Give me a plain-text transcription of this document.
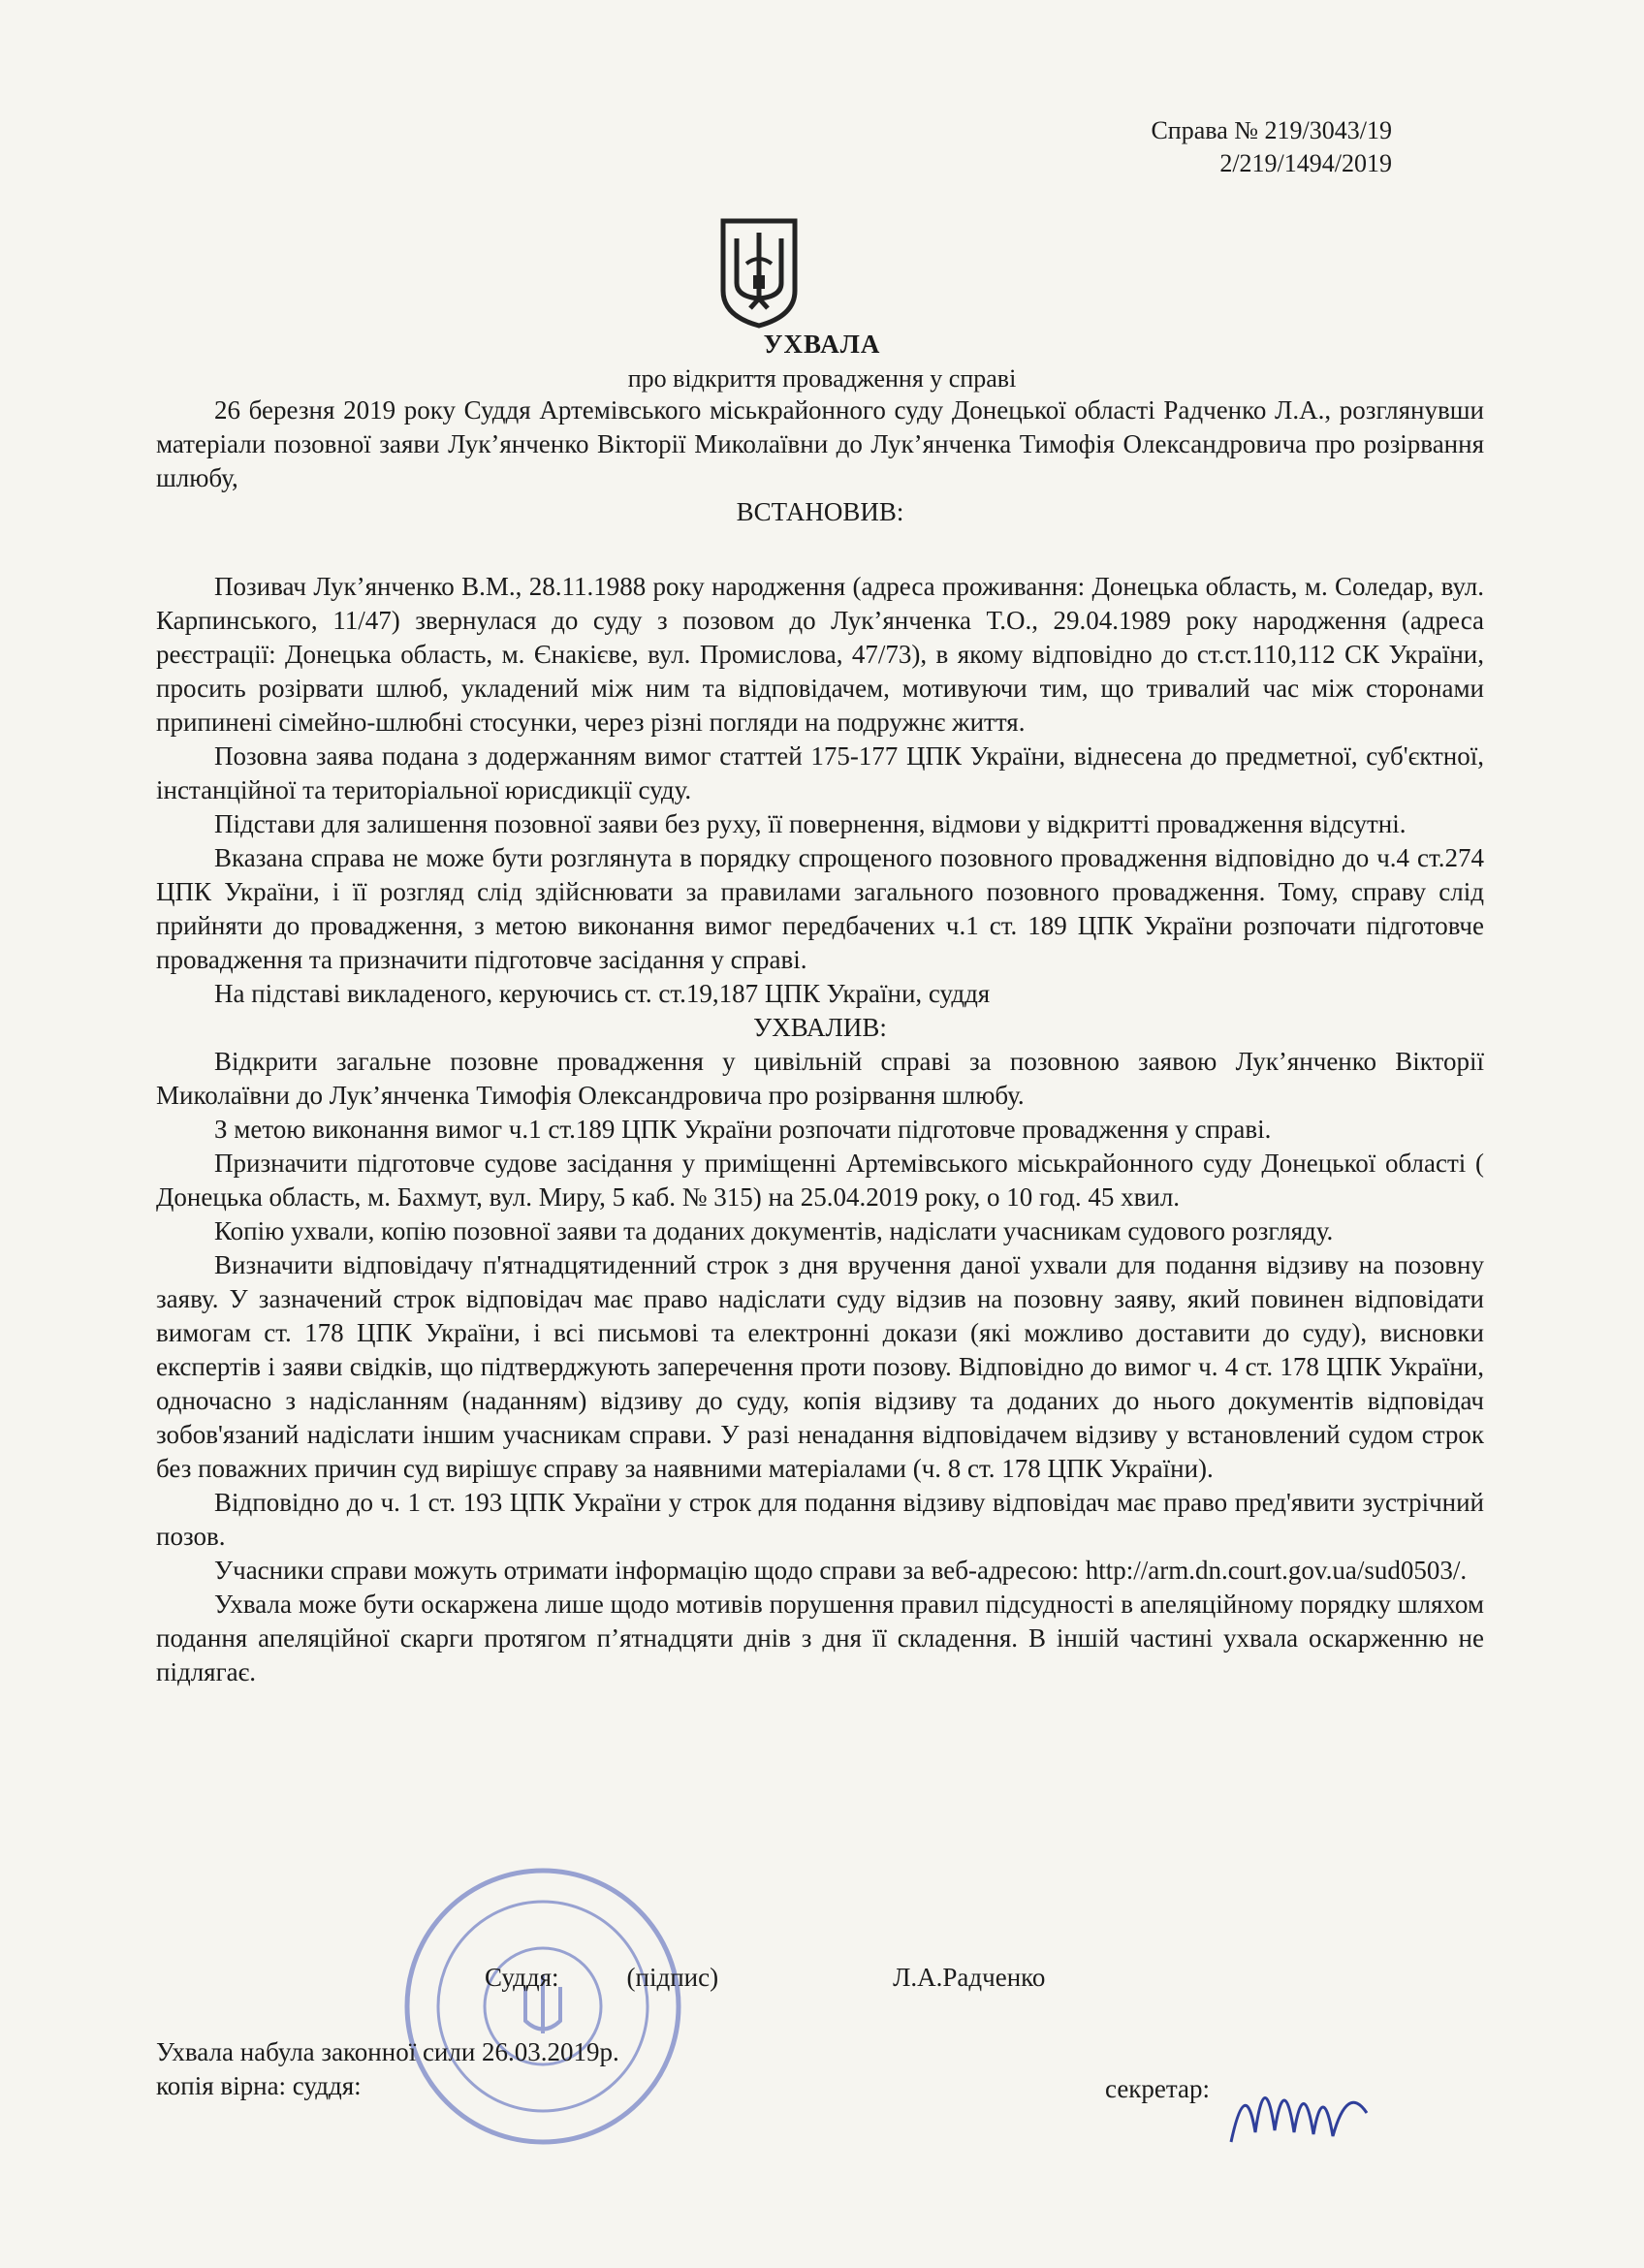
Справа № 219/3043/19
2/219/1494/2019
УХВАЛА
про відкриття провадження у справі

26 березня 2019 року Суддя Артемівського міськрайонного суду Донецької області Радченко Л.А., розглянувши матеріали позовної заяви Лук’янченко Вікторії Миколаївни до Лук’янченка Тимофія Олександровича про розірвання шлюбу,

ВСТАНОВИВ:

Позивач Лук’янченко В.М., 28.11.1988 року народження (адреса проживання: Донецька область, м. Соледар, вул. Карпинського, 11/47) звернулася до суду з позовом до Лук’янченка Т.О., 29.04.1989 року народження (адреса реєстрації: Донецька область, м. Єнакієве, вул. Промислова, 47/73), в якому відповідно до ст.ст.110,112 СК України, просить розірвати шлюб, укладений між ним та відповідачем, мотивуючи тим, що тривалий час між сторонами припинені сімейно-шлюбні стосунки, через різні погляди на подружнє життя.

Позовна заява подана з додержанням вимог статтей 175-177 ЦПК України, віднесена до предметної, суб'єктної, інстанційної та територіальної юрисдикції суду.

Підстави для залишення позовної заяви без руху, її повернення, відмови у відкритті провадження відсутні.

Вказана справа не може бути розглянута в порядку спрощеного позовного провадження відповідно до ч.4 ст.274 ЦПК України, і її розгляд слід здійснювати за правилами загального позовного провадження. Тому, справу слід прийняти до провадження, з метою виконання вимог передбачених ч.1 ст. 189 ЦПК України розпочати підготовче провадження та призначити підготовче засідання у справі.

На підставі викладеного, керуючись ст. ст.19,187 ЦПК України, суддя

УХВАЛИВ:

Відкрити загальне позовне провадження у цивільній справі за позовною заявою Лук’янченко Вікторії Миколаївни до Лук’янченка Тимофія Олександровича про розірвання шлюбу.

З метою виконання вимог ч.1 ст.189 ЦПК України розпочати підготовче провадження у справі.

Призначити підготовче судове засідання у приміщенні Артемівського міськрайонного суду Донецької області ( Донецька область, м. Бахмут, вул. Миру, 5 каб. № 315) на 25.04.2019 року, о 10 год. 45 хвил.

Копію ухвали, копію позовної заяви та доданих документів, надіслати учасникам судового розгляду.

Визначити відповідачу п'ятнадцятиденний строк з дня вручення даної ухвали для подання відзиву на позовну заяву. У зазначений строк відповідач має право надіслати суду відзив на позовну заяву, який повинен відповідати вимогам ст. 178 ЦПК України, і всі письмові та електронні докази (які можливо доставити до суду), висновки експертів і заяви свідків, що підтверджують заперечення проти позову. Відповідно до вимог ч. 4 ст. 178 ЦПК України, одночасно з надісланням (наданням) відзиву до суду, копія відзиву та доданих до нього документів відповідач зобов'язаний надіслати іншим учасникам справи. У разі ненадання відповідачем відзиву у встановлений судом строк без поважних причин суд вирішує справу за наявними матеріалами (ч. 8 ст. 178 ЦПК України).

Відповідно до ч. 1 ст. 193 ЦПК України у строк для подання відзиву відповідач має право пред'явити зустрічний позов.

Учасники справи можуть отримати інформацію щодо справи за веб-адресою: http://arm.dn.court.gov.ua/sud0503/.

Ухвала може бути оскаржена лише щодо мотивів порушення правил підсудності в апеляційному порядку шляхом подання апеляційної скарги протягом п’ятнадцяти днів з дня її складення. В іншій частині ухвала оскарженню не підлягає.

Суддя:	(підпис)	Л.А.Радченко
Ухвала набула законної сили 26.03.2019р.
копія вірна: суддя:	секретар:
